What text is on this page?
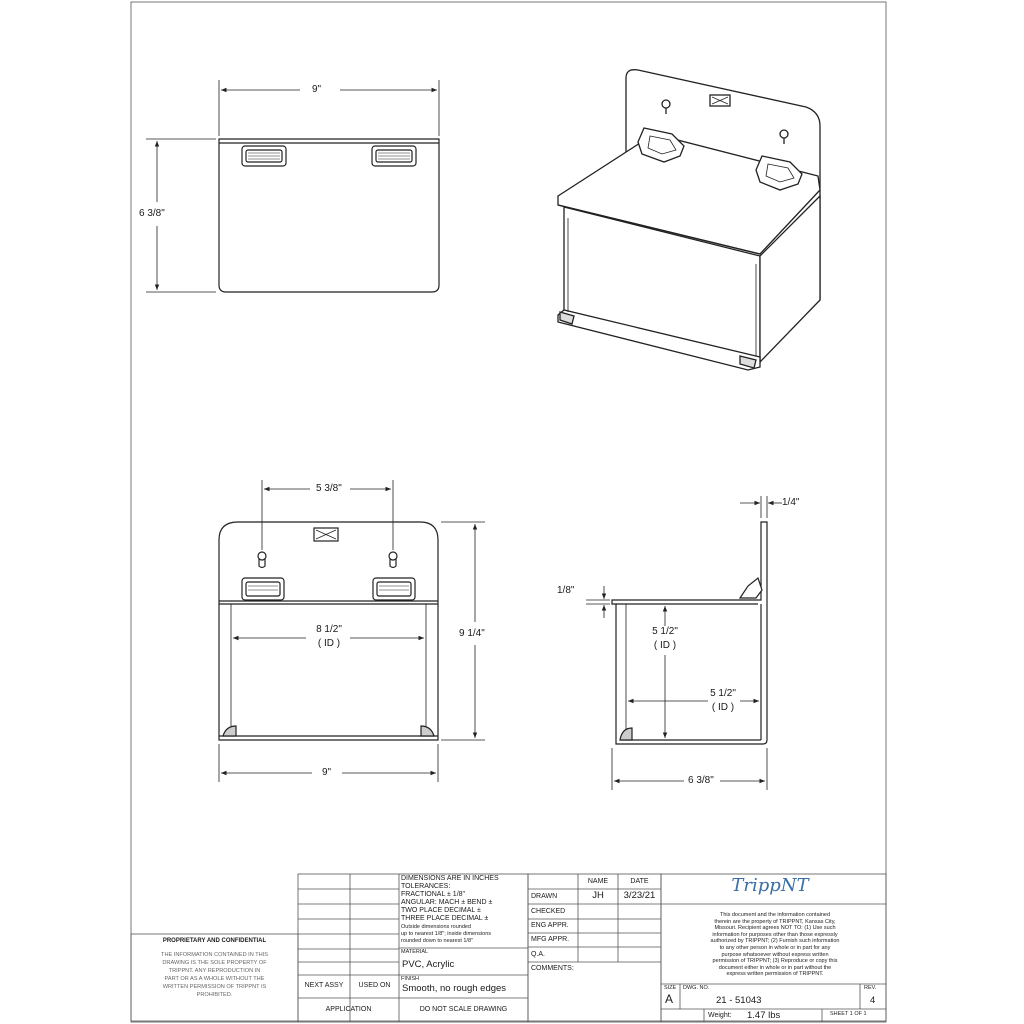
9"
6 3/8"
5 3/8"
8 1/2"
( ID )
9 1/4"
9"
1/4"
1/8"
5 1/2"
( ID )
5 1/2"
( ID )
6 3/8"
DIMENSIONS ARE IN INCHES
TOLERANCES:
FRACTIONAL ± 1/8"
ANGULAR: MACH ± BEND ±
TWO PLACE DECIMAL ±
THREE PLACE DECIMAL ±
Outside dimensions rounded
up to nearest 1/8"; inside dimensions
rounded down to nearest 1/8"
MATERIAL
PVC, Acrylic
FINISH
Smooth, no rough edges
NEXT ASSY	USED ON
APPLICATION	DO NOT SCALE DRAWING
NAME	DATE
DRAWN	JH	3/23/21
CHECKED
ENG APPR.
MFG APPR.
Q.A.
COMMENTS:
TrippNT
This document and the information contained
therein are the property of TRIPPNT, Kansas City,
Missouri. Recipient agrees NOT TO: (1) Use such
information for purposes other than those expressly
authorized by TRIPPNT; (2) Furnish such information
to any other person in whole or in part for any
purpose whatsoever without express written
permission of TRIPPNT; (3) Reproduce or copy this
document either in whole or in part without the
express written permission of TRIPPNT.
SIZE
A
DWG. NO.
21 - 51043
REV.
4
Weight: 1.47 lbs	SHEET 1 OF 1
PROPRIETARY AND CONFIDENTIAL
THE INFORMATION CONTAINED IN THIS
DRAWING IS THE SOLE PROPERTY OF
TRIPPNT. ANY REPRODUCTION IN
PART OR AS A WHOLE WITHOUT THE
WRITTEN PERMISSION OF TRIPPNT IS
PROHIBITED.
